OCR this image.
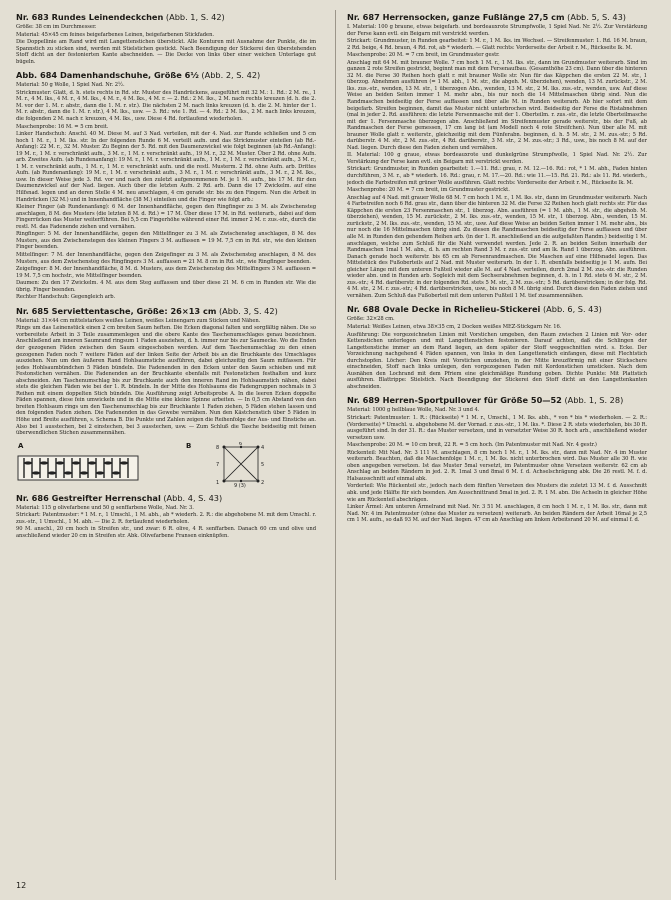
Nr. 683 Rundes Leinendeckchen (Abb. 1, S. 42)

Größe: 38 cm im Durchmesser.

Material: 45×45 cm feines beigefarbenes Leinen, beigefarbenen Stickfaden.

Die Doppellinie am Rand wird mit Langettenstichen überstickt. Alle Konturen mit Ausnahme der Punkte, die im Spannstich zu sticken sind, werden mit Stielstichen gestickt. Nach Beendigung der Stickerei den überstehenden Stoff dicht an der festonierten Kante abschneiden. — Die Decke von links über einer weichen Unterlage gut bügeln.

Abb. 684 Damenhandschuhe, Größe 6½ (Abb. 2, S. 42)

Material: 50 g Wolle, 1 Spiel Nad. Nr. 2½.

Strickmuster: Glatt, d. h. stets rechts in Rd. str. Muster des Handrückens, ausgeführt mit 32 M.: 1. Rd.: 2 M. re., 1 M. r., 4 M. lks., 4 M. r., 4 M. lks., 4 M. r., 4 M. lks., 4 M. r. — 2. Rd.: 2 M. lks., 2 M. nach rechts kreuzen (d. h. die 2. M. vor der 1. M. r. abstr., dann die 1. M. r. str.). Die nächsten 2 M. nach links kreuzen (d. h. die 2. M. hinter der 1. M. r. abstr., dann die 1. M. r. str.), 4 M. lks., usw. — 3. Rd.: wie 1. Rd. — 4. Rd.: 2 M. lks., 2 M. nach links kreuzen, die folgenden 2 M. nach r. kreuzen, 4 M. lks., usw. Diese 4 Rd. fortlaufend wiederholen.

Maschenprobe: 16 M. = 5 cm breit.

Linker Handschuh: Anschl. 40 M. Diese M. auf 3 Nad. verteilen, mit der 4. Nad. zur Runde schließen und 5 cm hoch 1 M. r., 1 M. lks. str. In der folgenden Runde 6 M. verteilt aufn. und das Strickmuster einteilen (ab Rd.-Anfang): 22 M. r., 32 M. Muster. Zu Beginn der 5. Rd. mit den Daumenzwickel wie folgt beginnen (ab Rd.-Anfang): 19 M. r., 1 M. r. verschränkt aufn., 3 M. r., 1 M. r. verschränkt aufn., 19 M. r., 32 M. Muster. Über 2 Rd. ohne Aufn. arb. Zweites Aufn. (ab Rundenanfang): 19 M. r., 1 M. r. verschränkt aufn., 1 M. r., 1 M. r. verschränkt aufn., 3 M. r., 1 M. r. verschränkt aufn., 1 M. r., 1 M. r. verschränkt aufn. und die restl. Musterm. 2 Rd. ohne Aufn. arb. Drittes Aufn. (ab Rundenanfang): 19 M. r., 1 M. r. verschränkt aufn., 3 M. r., 1 M. r. verschränkt aufn., 3 M. r., 2 M. lks., usw. In dieser Weise jede 3. Rd. vor und nach den zuletzt aufgenommenen M. je 1 M. aufn., bis 17 M. für den Daumenzwickel auf der Nad. liegen. Auch über die letzten Aufn. 2 Rd. arb. Dann die 17 Zwickelm. auf eine Hilfsnad. legen und an deren Stelle 4 M. neu anschlagen, 4 cm gerade str. bis zu den Fingern. Nun die Arbeit in Handrücken (32 M.) und in Innenhandfläche (38 M.) einteilen und die Finger wie folgt arb.:

Kleiner Finger (ab Rundenanfang): 6 M. der Innenhandfläche, gegen den Ringfinger zu 3 M. als Zwischensteg anschlagen, 8 M. des Musters (die letzten 8 M. d. Rd.) = 17 M. Über diese 17 M. in Rd. weiterarb., dabei auf dem Fingerrücken das Muster weiterführen. Bei 5,5 cm Fingerhöhe während einer Rd. immer 2 M. r. zus.-str., durch die restl. M. das Fadenende ziehen und vernähen.

Ringfinger: 5 M. der Innenhandfläche, gegen den Mittelfinger zu 3 M. als Zwischensteg anschlagen, 8 M. des Musters, aus den Zwischenstegen des kleinen Fingers 3 M. auffassen = 19 M. 7,5 cm in Rd. str., wie den kleinen Finger beenden.

Mittelfinger: 7 M. der Innenhandfläche, gegen den Zeigefinger zu 3 M. als Zwischensteg anschlagen, 8 M. des Musters, aus dem Zwischensteg des Ringfingers 3 M. auffassen = 21 M. 8 cm in Rd. str., wie Ringfinger beenden.

Zeigefinger: 8 M. der Innenhandfläche, 8 M. d. Musters, aus dem Zwischensteg des Mittelfingers 3 M. auffassen = 19 M. 7,5 cm hochstr., wie Mittelfinger beenden.

Daumen: Zu den 17 Zwickelm. 4 M. aus dem Steg auffassen und über diese 21 M. 6 cm in Runden str. Wie die übrig. Finger beenden.

Rechter Handschuh: Gegengleich arb.

Nr. 685 Serviettentasche, Größe: 26×13 cm (Abb. 3, S. 42)

Material: 31×44 cm mittelstarkes weißes Leinen, weißes Leinengarn zum Sticken und Nähen.

Rings um das Leinenstück einen 2 cm breiten Saum heften. Die Ecken diagonal falten und sorgfältig nähen. Die so vorbereitete Arbeit in 3 Teile zusammenlegen und die obere Kante des Taschenumschlages genau bezeichnen. Anschließend am inneren Saumrand ringsum 1 Faden ausziehen, d. h. immer nur bis zur Saumecke. Wo die Enden der gezogenen Fäden zwischen den Saum eingeschoben werden. Auf dem Taschenumschlag zu den einen gezogenen Faden noch 7 weitere Fäden auf der linken Seite der Arbeit bis an die Bruchkante des Umschlages ausziehen. Nun um den äußeren Rand Hohlsaumstiche ausführen, dabei gleichzeitig den Saum mitfassen. Für jedes Hohlsaumbündchen 5 Fäden bündeln. Die Fadenenden in den Ecken unter den Saum schieben und mit Festonstichen vernähen. Die Fadenenden an der Bruchkante ebenfalls mit Festonstichen festhalten und kurz abschneiden. Am Taschenumschlag bis zur Bruchkante auch den inneren Rand im Hohlsaumstich nähen, dabei stets die gleichen Fäden wie bei der 1. R. bündeln. In der Mitte des Hohlsaums die Fadengruppen nochmals in 3 Reihen mit einem doppelten Stich bündeln. Die Ausführung zeigt Arbeitsprobe A. In die leeren Ecken doppelte Fäden spannen, diese fein umwickeln und in die Mitte eine kleine Spinne arbeiten. — In 0,5 cm Abstand von den breiten Hohlsaum rings um den Taschenumschlag bis zur Bruchkante 1 Faden ziehen, 5 Fäden stehen lassen und den folgenden Faden ziehen. Die Fadenenden in das Gewebe vernähen. Nun den Kästchenstich über 5 Fäden in Höhe und Breite ausführen, s. Schema B. Die Punkte und Zahlen zeigen die Reihenfolge der Aus- und Einstiche an. Also bei 1 ausstechen, bei 2 einstechen, bei 3 ausstechen, usw. — Zum Schluß die Tasche beidseitig mit feinen überwendlichen Stichen zusammennähen.

A	B	8
6
4
7	5
1	2
9 (3)
Nr. 686 Gestreifter Herrenschal (Abb. 4, S. 43)

Material: 115 g olivefarbene und 50 g senffarbene Wolle, Nad. Nr. 3.

Strickart: Patentmuster: * 1 M. r., 1 Umschl., 1 M. abh., ab * wiederh. 2. R.: die abgehobene M. mit dem Umschl. r. zus.-str., 1 Umschl., 1 M. abh. — Die 2. R. fortlaufend wiederholen.

90 M. anschl., 20 cm hoch in Streifen str., und zwar: 6 R. olive, 4 R. senffarben. Danach 60 cm und olive und anschließend wieder 20 cm in Streifen str. Abk. Olivefarbene Fransen einknüpfen.

Nr. 687 Herrensocken, ganze Fußlänge 27,5 cm (Abb. 5, S. 43)

I. Material: 100 g braune, etwas beigefarb. und bordeauxrote Strumpfwolle, 1 Spiel Nad. Nr. 2½. Zur Verstärkung der Ferse kann evtl. ein Beigarn mit verstrickt werden.

Strickart: Grundmuster, in Runden gearbeitet: 1 M. r., 1 M. lks. im Wechsel. — Streifenmuster: 1. Rd. 16 M. braun, 2 Rd. beige, 4 Rd. braun, 4 Rd. rot, ab * wiederh. — Glatt rechts: Vorderseite der Arbeit r. M., Rückseite lk. M.

Maschenprobe: 20 M. = 7 cm breit, im Grundmuster gestr.

Anschlag mit 64 M. mit brauner Wolle. 7 cm hoch 1 M. r., 1 M. lks. str., dann im Grundmuster weiterarb. Sind im ganzen 2 rote Streifen gestrickt, beginnt man mit dem Fersenaufbau. (Gesamthöhe 23 cm). Dann über die hinteren 32 M. die Ferse 30 Reihen hoch glatt r. mit brauner Wolle str. Nun für das Käppchen die ersten 22 M. str., 1 überzog. Abnehmen ausführen (= 1 M. abh., 1 M. str., die abgeh. M. überziehen), wenden, 13 M. zurückstr., 2 M. lks. zus.-str., wenden, 13 M. str., 1 überzogen Abn., wenden, 13 M. str., 2 M. lks. zus.-str., wenden, usw. Auf diese Weise an beiden Seiten immer 1 M. mehr abn., bis nur noch die 14 Mittelmaschen übrig sind. Nun die Randmaschen beidseitig der Ferse auffassen und über alle M. in Runden weiterarb. Ab hier sofort mit dem beigefarb. Streifen beginnen, damit das Muster nicht unterbrochen wird. Beidseitig der Ferse die Ristabnehmen (mal in jeder 2. Rd. ausführen: die letzte Fersenmasche mit der 1. Oberteilm. r. zus.-str., die letzte Oberteilmasche mit der 1. Fersenmasche überzogen abn. Anschließend im Streifenmuster gerade weiterstr., bis der Fuß, ab Randmaschen der Ferse gemessen, 17 cm lang ist (am Modell noch 4 rote Streifchen). Nun über alle M. mit brauner Wolle glatt r. weiterstr., gleichzeitig mit dem Fünferabn. beginnen, d. h. 5 M. str., 2 M. zus.-str.; 5 Rd. darüberstr. 4 M. str., 2 M. zus.-str., 4 Rd. darüberstr., 3 M. str., 2 M. zus.-str.; 3 Rd., usw., bis noch 8 M. auf der Nad. liegen. Durch diese den Faden ziehen und vernähen.

II. Material: 100 g graue, etwas bordeauxrote und dunkelgrüne Strumpfwolle, 1 Spiel Nad. Nr. 2½. Zur Verstärkung der Ferse kann evtl. ein Beigarn mit verstrickt werden.

Strickart: Grundmuster, in Runden gearbeitet: 1.—11. Rd.: grau, r. M. 12.—16. Rd.: rot, * 1 M. abh., Faden hinten durchführen, 3 M. r., ab * wiederh. 16. Rd.: grau, r. M. 17.—20. Rd.: wie 11.—15. Rd. 21. Rd.: als 11. Rd. wiederh., jedoch die Farbstreifen mit grüner Wolle ausführen. Glatt rechts: Vorderseite der Arbeit r. M., Rückseite lk. M.

Maschenprobe: 20 M. = 7 cm breit, im Grundmuster gestrickt.

Anschlag auf 4 Nad. mit grauer Wolle 68 M. 7 cm hoch 1 M. r., 1 M. lks. str., dann im Grundmuster weiterarb. Nach 4 Farbstreifen noch 6 Rd. grau str., dann über die hinteren 32 M. die Ferse 32 Reihen hoch glatt rechts str. Für das Käppchen die ersten 23 Fersenmaschen str., 1 überzog. Abn. ausführen (= 1 M. abh., 1 M. str., die abgehob. M. überziehen), wenden, 15 M. zurückstr., 2 M. lks. zus.-str., wenden, 15 M. str., 1 überzog. Abn., wenden, 15 M. zurückstr., 2 M. lks. zus.-str., wenden, 15 M. str., usw. Auf diese Weise an beiden Seiten immer 1 M. mehr abn., bis nur noch die 16 Mittelmaschen übrig sind. Zu diesen die Randmaschen beidseitig der Ferse auffassen und über alle M. in Runden den gehendem Reihen arb. (in der 1. R. anschließend an die aufgefaßten Randm.) beidseitig 1 M. anschlagen, welche zum Schluß für die Naht verwendet werden. Jede 2. R. an beiden Seiten innerhalb der Randmaschen 1mal 1 M. abn., d. h. am rechten Rand 3 M. r. zus.-str. und am lk. Rand 1 überzog. Abn. ausführen. Danach gerade hoch weiterstr. bis 65 cm ab Fersenrandmaschen. Die Maschen auf eine Hilfsnadel legen. Das Mittelstück des Fußoberteils auf 2 Nad. mit Muster weiterarb. In der 1. R. ebenfalls beidseitig je 1 M. aufn. Bei gleicher Länge mit dem unteren Fußteil wieder alle M. auf 4 Nad. verteilen, durch 2mal 2 M. zus.-str. die Runden wieder abn. und in Runden arb. Sogleich mit dem Sechserabnehmen beginnen, d. h. in 1 Rd. stets 6 M. str., 2 M. zus.-str.; 4 Rd. darüberstr. in der folgenden Rd. stets 5 M. str., 2 M. zus.-str.; 5 Rd. darüberstricken; in der folg. Rd. 4 M. str., 2 M. r. zus.-str.; 4 Rd. darüberstricken, usw., bis noch 8 M. übrig sind. Durch diese den Faden ziehen und vernähen. Zum Schluß das Fußoberteil mit dem unteren Fußteil 1 M. tief zusammennähen.

Nr. 688 Ovale Decke in Richelieu-Stickerei (Abb. 6, S. 43)

Größe: 32×28 cm.

Material: Weißes Leinen, etwa 38×35 cm, 2 Docken weißes MEZ-Stickgarn Nr. 16.

Ausführung: Die vorgezeichneten Linien mit Vorstichen umgeben, den Raum zwischen 2 Linien mit Vor- oder Kettenstichen unterlegen und mit Langettenstichen festonieren. Darauf achten, daß die Schlingen der Langettenstiche immer an dem Rand liegen, an dem später der Stoff weggeschnitten wird. s. Ecke. Der Vorzeichnung nachgehend 4 Fäden spannen, von links in den Langettenstich einfangen, diese mit Flechtstich durchstopfen. Löcher: Den Kreis mit Vorstichen umziehen, in der Mitte kreuzförmig mit einer Stickschere einschneiden, Stoff nach links umlegen, den vorgezogenen Faden mit Kordonstichen umsticken. Nach dem Ausnähen den Lochrand mit dem Pfriem eine gleichmäßige Rundung geben. Dichte Punkte: Mit Plattstich ausführen. Blattrippe: Stielstich. Nach Beendigung der Stickerei den Stoff dicht an den Langettenkanten abschneiden.

Nr. 689 Herren-Sportpullover für Größe 50—52 (Abb. 1, S. 28)

Material: 1000 g hellblaue Wolle, Nad. Nr. 3 und 4.

Strickart: Patentmuster: 1. R.: (Rückseite) * 1 M. r., Umschl., 1 M. lks. abh., * von * bis * wiederholen. — 2. R.: (Vorderseite) * Umschl. u. abgehobene M. der Vornad. r. zus.-str., 1 M. lks. *. Diese 2 R. stets wiederholen, bis 30 R. ausgeführt sind. In der 31. R.: das Muster versetzen, und in versetzter Weise 30 R. hoch arb., anschließend wieder versetzen usw.

Maschenprobe: 20 M. = 10 cm breit, 22 R. = 5 cm hoch. (Im Patentmuster mit Nad. Nr. 4 gestr.)

Rückenteil: Mit Nad. Nr. 3 111 M. anschlagen, 8 cm hoch 1 M. r., 1 M. lks. str., dann mit Nad. Nr. 4 im Muster weiterarb. Beachten, daß die Maschenfolge 1 M. r., 1 M. lks. nicht unterbrochen wird. Das Muster alle 30 R. wie oben angegeben versetzen. Ist das Muster 5mal versetzt, im Patentmuster ohne Versetzen weiterstr. 62 cm ab Anschlag an beiden Rändern in jed. 2. R. 1mal 3 und 8mal 6 M. f. d. Achselschrägung abk. Die 26 restl. M. f. d. Halsausschnitt auf einmal abk.

Vorderteil: Wie Rückenteil str., jedoch nach dem fünften Versetzen des Musters die zuletzt 13 M. f. d. Ausschnitt abk. und jede Hälfte für sich beenden. Am Ausschnittrand 5mal in jed. 2. R. 1 M. abn. Die Achseln in gleicher Höhe wie am Rückenteil abschrägen.

Linker Ärmel: Am unteren Ärmelrand mit Nad. Nr. 3 51 M. anschlagen, 8 cm hoch 1 M. r., 1 M. lks. str., dann mit Nad. Nr. 4 im Patentmuster (ohne das Muster zu versetzen) weiterarb. An beiden Rändern der Arbeit 16mal je 2,5 cm 1 M. aufn., so daß 93 M. auf der Nad. liegen. 47 cm ab Anschlag am linken Arbeitsrand 20 M. auf einmal f. d.

12
